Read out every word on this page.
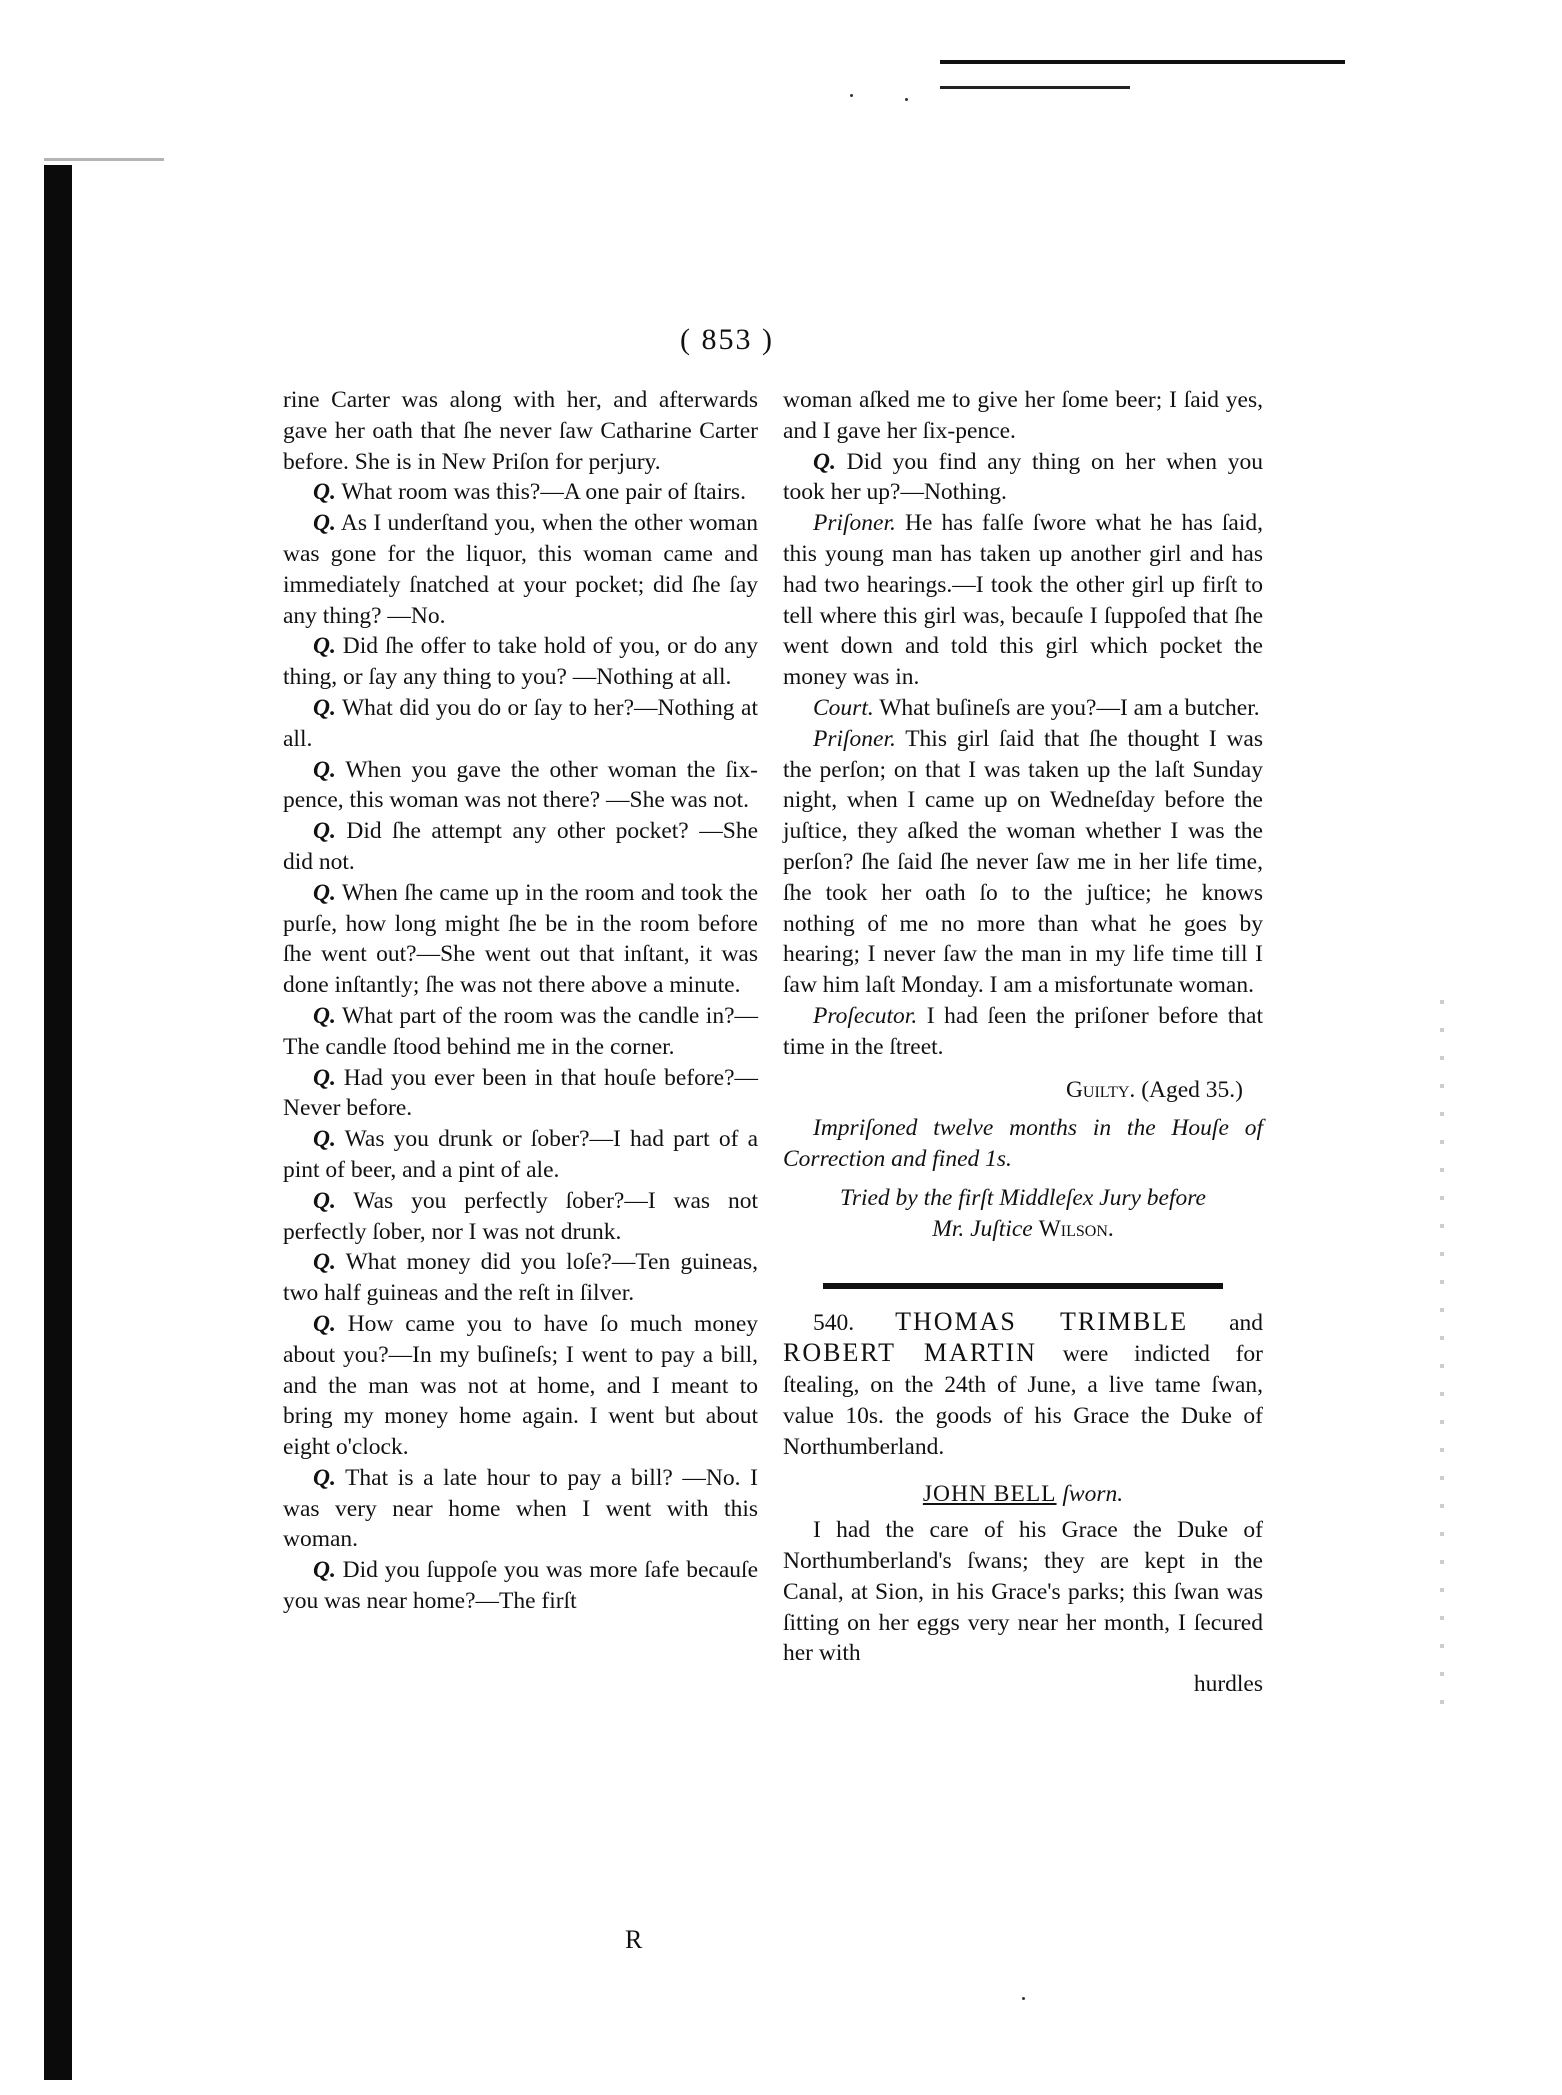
( 853 )

rine Carter was along with her, and afterwards gave her oath that ſhe never ſaw Catharine Carter before. She is in New Priſon for perjury.

Q. What room was this?—A one pair of ſtairs.

Q. As I underſtand you, when the other woman was gone for the liquor, this woman came and immediately ſnatched at your pocket; did ſhe ſay any thing? —No.

Q. Did ſhe offer to take hold of you, or do any thing, or ſay any thing to you? —Nothing at all.

Q. What did you do or ſay to her?—Nothing at all.

Q. When you gave the other woman the ſix-pence, this woman was not there? —She was not.

Q. Did ſhe attempt any other pocket? —She did not.

Q. When ſhe came up in the room and took the purſe, how long might ſhe be in the room before ſhe went out?—She went out that inſtant, it was done inſtantly; ſhe was not there above a minute.

Q. What part of the room was the candle in?—The candle ſtood behind me in the corner.

Q. Had you ever been in that houſe before?—Never before.

Q. Was you drunk or ſober?—I had part of a pint of beer, and a pint of ale.

Q. Was you perfectly ſober?—I was not perfectly ſober, nor I was not drunk.

Q. What money did you loſe?—Ten guineas, two half guineas and the reſt in ſilver.

Q. How came you to have ſo much money about you?—In my buſineſs; I went to pay a bill, and the man was not at home, and I meant to bring my money home again. I went but about eight o'clock.

Q. That is a late hour to pay a bill? —No. I was very near home when I went with this woman.

Q. Did you ſuppoſe you was more ſafe becauſe you was near home?—The firſt

woman aſked me to give her ſome beer; I ſaid yes, and I gave her ſix-pence.

Q. Did you find any thing on her when you took her up?—Nothing.

Priſoner. He has falſe ſwore what he has ſaid, this young man has taken up another girl and has had two hearings.—I took the other girl up firſt to tell where this girl was, becauſe I ſuppoſed that ſhe went down and told this girl which pocket the money was in.

Court. What buſineſs are you?—I am a butcher.

Priſoner. This girl ſaid that ſhe thought I was the perſon; on that I was taken up the laſt Sunday night, when I came up on Wedneſday before the juſtice, they aſked the woman whether I was the perſon? ſhe ſaid ſhe never ſaw me in her life time, ſhe took her oath ſo to the juſtice; he knows nothing of me no more than what he goes by hearing; I never ſaw the man in my life time till I ſaw him laſt Monday. I am a misfortunate woman.

Proſecutor. I had ſeen the priſoner before that time in the ſtreet.

Guilty. (Aged 35.)

Impriſoned twelve months in the Houſe of Correction and fined 1s.

Tried by the firſt Middleſex Jury before

Mr. Juſtice Wilson.

540. THOMAS TRIMBLE and ROBERT MARTIN were indicted for ſtealing, on the 24th of June, a live tame ſwan, value 10s. the goods of his Grace the Duke of Northumberland.

JOHN BELL ſworn.

I had the care of his Grace the Duke of Northumberland's ſwans; they are kept in the Canal, at Sion, in his Grace's parks; this ſwan was ſitting on her eggs very near her month, I ſecured her with

hurdles

R
